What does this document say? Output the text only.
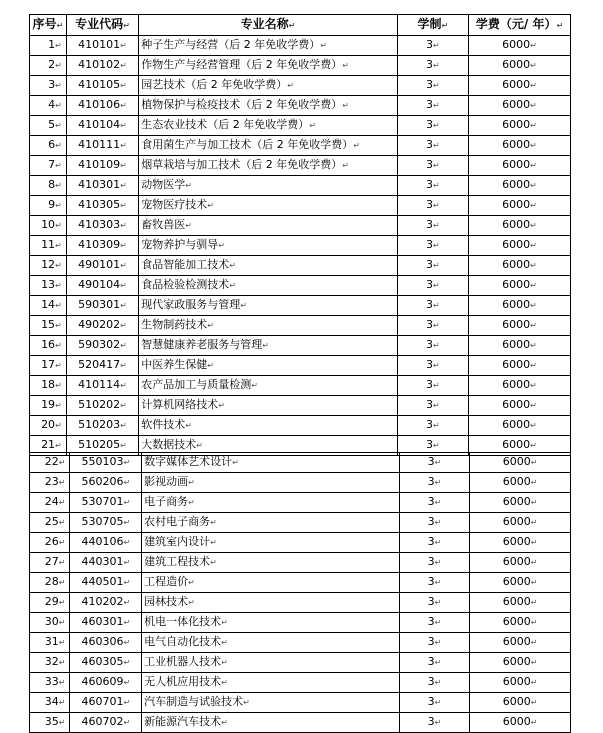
序号↵	专业代码↵	专业名称↵	学制↵	学费（元/ 年）↵
1↵	410101↵	种子生产与经营（后 2 年免收学费）↵	3↵	6000↵
2↵	410102↵	作物生产与经营管理（后 2 年免收学费）↵	3↵	6000↵
3↵	410105↵	园艺技术（后 2 年免收学费）↵	3↵	6000↵
4↵	410106↵	植物保护与检疫技术（后 2 年免收学费）↵	3↵	6000↵
5↵	410104↵	生态农业技术（后 2 年免收学费）↵	3↵	6000↵
6↵	410111↵	食用菌生产与加工技术（后 2 年免收学费）↵	3↵	6000↵
7↵	410109↵	烟草栽培与加工技术（后 2 年免收学费）↵	3↵	6000↵
8↵	410301↵	动物医学↵	3↵	6000↵
9↵	410305↵	宠物医疗技术↵	3↵	6000↵
10↵	410303↵	畜牧兽医↵	3↵	6000↵
11↵	410309↵	宠物养护与驯导↵	3↵	6000↵
12↵	490101↵	食品智能加工技术↵	3↵	6000↵
13↵	490104↵	食品检验检测技术↵	3↵	6000↵
14↵	590301↵	现代家政服务与管理↵	3↵	6000↵
15↵	490202↵	生物制药技术↵	3↵	6000↵
16↵	590302↵	智慧健康养老服务与管理↵	3↵	6000↵
17↵	520417↵	中医养生保健↵	3↵	6000↵
18↵	410114↵	农产品加工与质量检测↵	3↵	6000↵
19↵	510202↵	计算机网络技术↵	3↵	6000↵
20↵	510203↵	软件技术↵	3↵	6000↵
21↵	510205↵	大数据技术↵	3↵	6000↵
22↵	550103↵	数字媒体艺术设计↵	3↵	6000↵
23↵	560206↵	影视动画↵	3↵	6000↵
24↵	530701↵	电子商务↵	3↵	6000↵
25↵	530705↵	农村电子商务↵	3↵	6000↵
26↵	440106↵	建筑室内设计↵	3↵	6000↵
27↵	440301↵	建筑工程技术↵	3↵	6000↵
28↵	440501↵	工程造价↵	3↵	6000↵
29↵	410202↵	园林技术↵	3↵	6000↵
30↵	460301↵	机电一体化技术↵	3↵	6000↵
31↵	460306↵	电气自动化技术↵	3↵	6000↵
32↵	460305↵	工业机器人技术↵	3↵	6000↵
33↵	460609↵	无人机应用技术↵	3↵	6000↵
34↵	460701↵	汽车制造与试验技术↵	3↵	6000↵
35↵	460702↵	新能源汽车技术↵	3↵	6000↵
